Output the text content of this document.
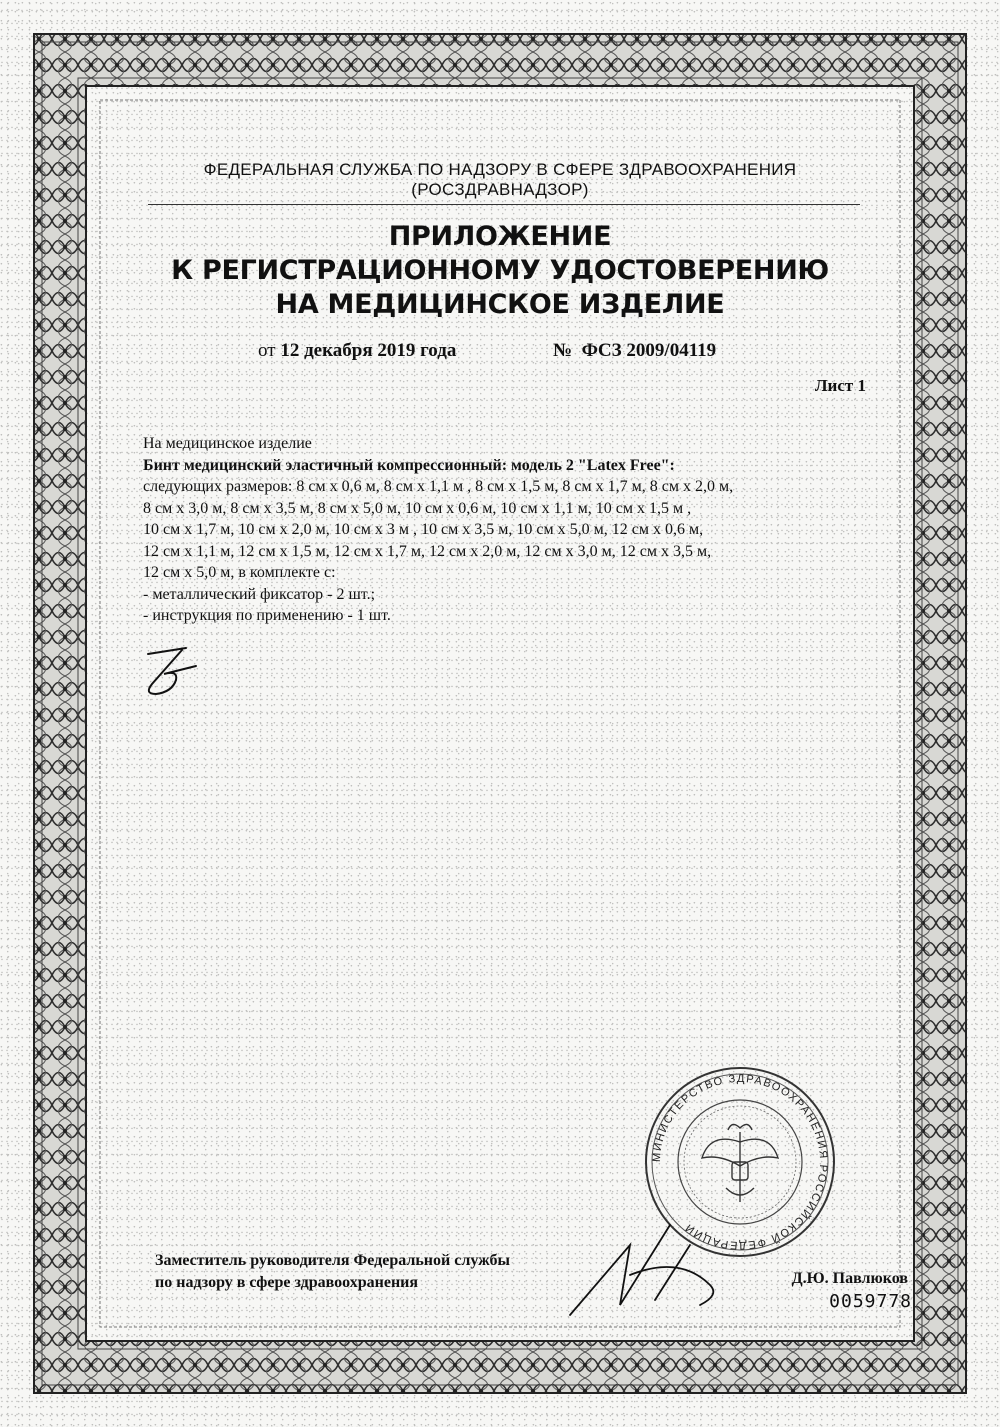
ФЕДЕРАЛЬНАЯ СЛУЖБА ПО НАДЗОРУ В СФЕРЕ ЗДРАВООХРАНЕНИЯ
(РОСЗДРАВНАДЗОР)
ПРИЛОЖЕНИЕ
К РЕГИСТРАЦИОННОМУ УДОСТОВЕРЕНИЮ
НА МЕДИЦИНСКОЕ ИЗДЕЛИЕ
от 12 декабря 2019 года	№ ФСЗ 2009/04119
Лист 1
На медицинское изделие
Бинт медицинский эластичный компрессионный: модель 2 "Latex Free":
следующих размеров: 8 см х 0,6 м, 8 см х 1,1 м , 8 см х 1,5 м, 8 см х 1,7 м, 8 см х 2,0 м,
8 см х 3,0 м, 8 см х 3,5 м, 8 см х 5,0 м, 10 см х 0,6 м, 10 см х 1,1 м, 10 см х 1,5 м ,
10 см х 1,7 м, 10 см х 2,0 м, 10 см х 3 м , 10 см х 3,5 м, 10 см х 5,0 м, 12 см х 0,6 м,
12 см х 1,1 м, 12 см х 1,5 м, 12 см х 1,7 м, 12 см х 2,0 м, 12 см х 3,0 м, 12 см х 3,5 м,
12 см х 5,0 м, в комплекте с:
- металлический фиксатор - 2 шт.;
- инструкция по применению - 1 шт.
МИНИСТЕРСТВО ЗДРАВООХРАНЕНИЯ РОССИЙСКОЙ ФЕДЕРАЦИИ
Заместитель руководителя Федеральной службы
по надзору в сфере здравоохранения	Д.Ю. Павлюков
0059778
